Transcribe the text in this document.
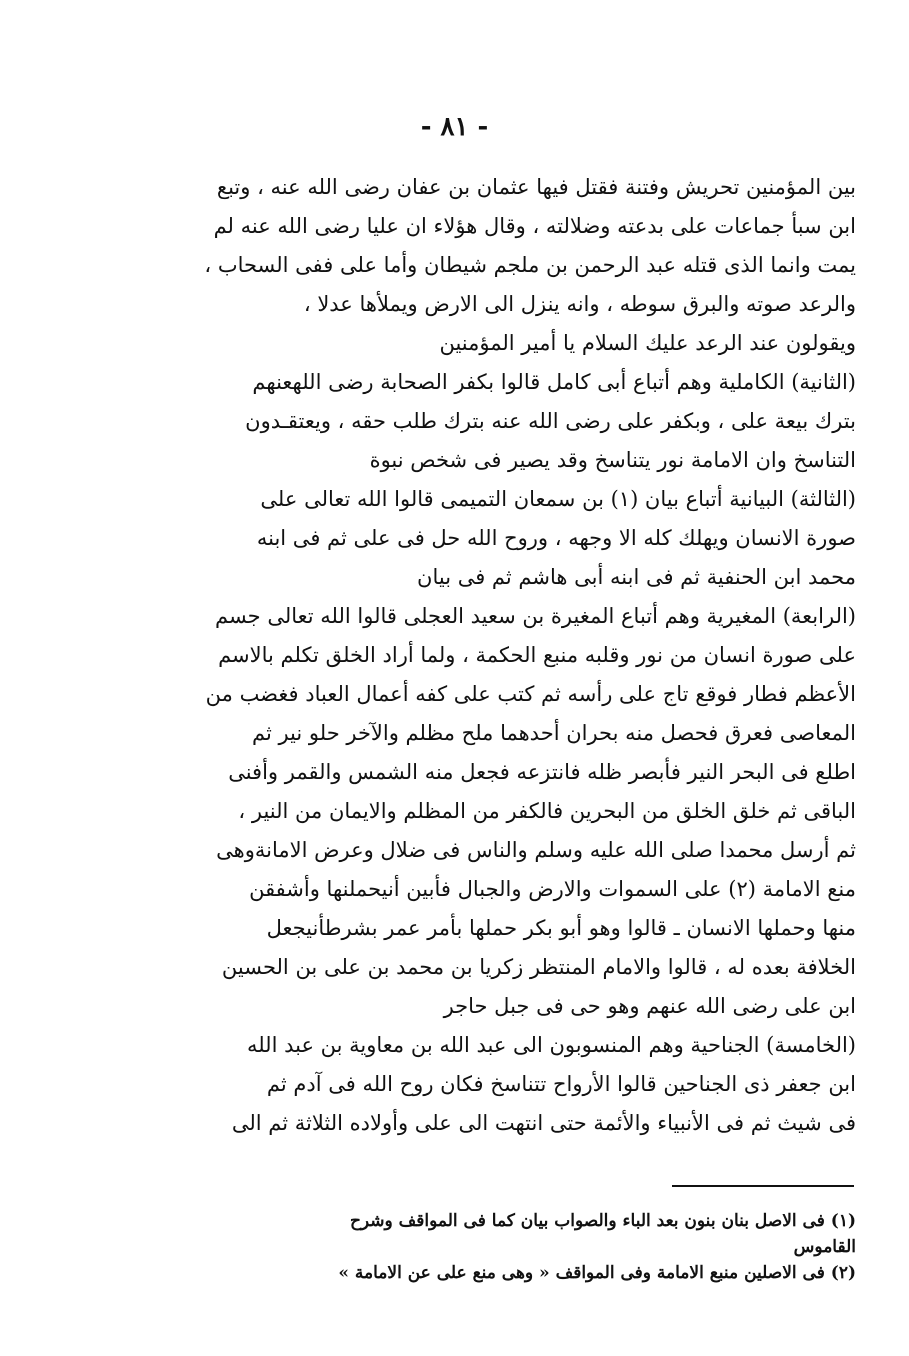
- ٨١ -
بين المؤمنين تحريش وفتنة فقتل فيها عثمان بن عفان رضى الله عنه ، وتبع
ابن سبأ جماعات على بدعته وضلالته ، وقال هؤلاء ان عليا رضى الله عنه لم
يمت وانما الذى قتله عبد الرحمن بن ملجم شيطان وأما على ففى السحاب ،
والرعد صوته والبرق سوطه ، وانه ينزل الى الارض ويملأها عدلا ،
ويقولون عند الرعد عليك السلام يا أمير المؤمنين
(الثانية) الكاملية وهم أتباع أبى كامل قالوا بكفر الصحابة رضى اللهعنهم
بترك بيعة على ، وبكفر على رضى الله عنه بترك طلب حقه ، ويعتقـدون
التناسخ وان الامامة نور يتناسخ وقد يصير فى شخص نبوة
(الثالثة) البيانية أتباع بيان (١) بن سمعان التميمى قالوا الله تعالى على
صورة الانسان ويهلك كله الا وجهه ، وروح الله حل فى على ثم فى ابنه
محمد ابن الحنفية ثم فى ابنه أبى هاشم ثم فى بيان
(الرابعة) المغيرية وهم أتباع المغيرة بن سعيد العجلى قالوا الله تعالى جسم
على صورة انسان من نور وقلبه منبع الحكمة ، ولما أراد الخلق تكلم بالاسم
الأعظم فطار فوقع تاج على رأسه ثم كتب على كفه أعمال العباد فغضب من
المعاصى فعرق فحصل منه بحران أحدهما ملح مظلم والآخر حلو نير ثم
اطلع فى البحر النير فأبصر ظله فانتزعه فجعل منه الشمس والقمر وأفنى
الباقى ثم خلق الخلق من البحرين فالكفر من المظلم والايمان من النير ،
ثم أرسل محمدا صلى الله عليه وسلم والناس فى ضلال وعرض الامانةوهى
منع الامامة (٢) على السموات والارض والجبال فأبين أنيحملنها وأشفقن
منها وحملها الانسان ـ قالوا وهو أبو بكر حملها بأمر عمر بشرطأنيجعل
الخلافة بعده له ، قالوا والامام المنتظر زكريا بن محمد بن على بن الحسين
ابن على رضى الله عنهم وهو حى فى جبل حاجر
(الخامسة) الجناحية وهم المنسوبون الى عبد الله بن معاوية بن عبد الله
ابن جعفر ذى الجناحين قالوا الأرواح تتناسخ فكان روح الله فى آدم ثم
فى شيث ثم فى الأنبياء والأئمة حتى انتهت الى على وأولاده الثلاثة ثم الى
(١) فى الاصل بنان بنون بعد الباء والصواب بيان كما فى المواقف وشرح
القاموس
(٢) فى الاصلين منبع الامامة وفى المواقف « وهى منع على عن الامامة »
